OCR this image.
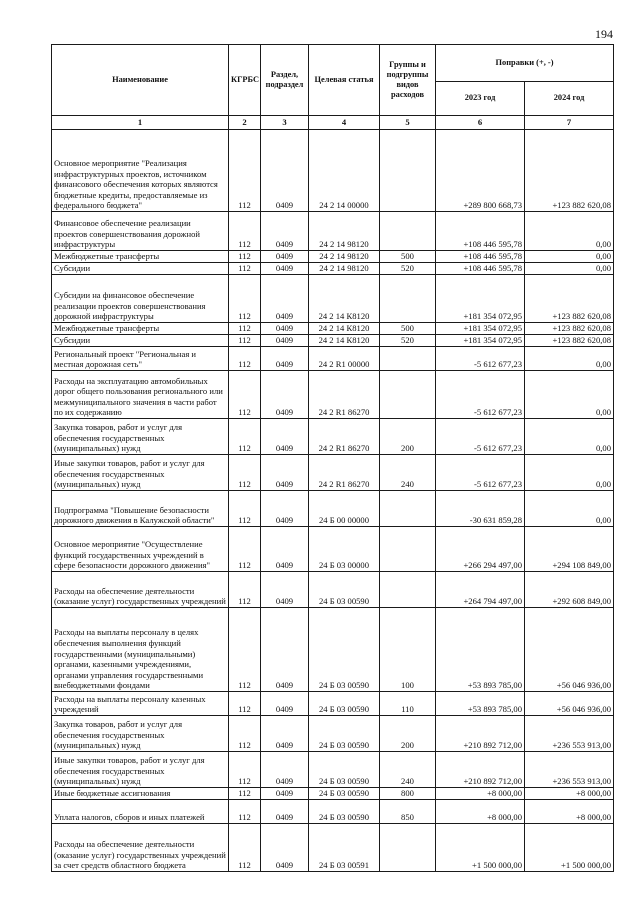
194
Наименование	КГРБС	Раздел, подраздел	Целевая статья	Группы и подгруппы видов расходов	Поправки (+, -)	
					2023 год	2024 год
1	2	3	4	5	6	7
Основное мероприятие "Реализация инфраструктурных проектов, источником финансового обеспечения которых являются бюджетные кредиты, предоставляемые из федерального бюджета"	112	0409	24 2 14 00000		+289 800 668,73	+123 882 620,08
Финансовое обеспечение реализации проектов совершенствования дорожной инфраструктуры	112	0409	24 2 14 98120		+108 446 595,78	0,00
Межбюджетные трансферты	112	0409	24 2 14 98120	500	+108 446 595,78	0,00
Субсидии	112	0409	24 2 14 98120	520	+108 446 595,78	0,00
Субсидии на финансовое обеспечение реализации проектов совершенствования дорожной инфраструктуры	112	0409	24 2 14 К8120		+181 354 072,95	+123 882 620,08
Межбюджетные трансферты	112	0409	24 2 14 К8120	500	+181 354 072,95	+123 882 620,08
Субсидии	112	0409	24 2 14 К8120	520	+181 354 072,95	+123 882 620,08
Региональный проект "Региональная и местная дорожная сеть"	112	0409	24 2 R1 00000		-5 612 677,23	0,00
Расходы на эксплуатацию автомобильных дорог общего пользования регионального или межмуниципального значения в части работ по их содержанию	112	0409	24 2 R1 86270		-5 612 677,23	0,00
Закупка товаров, работ и услуг для обеспечения государственных (муниципальных) нужд	112	0409	24 2 R1 86270	200	-5 612 677,23	0,00
Иные закупки товаров, работ и услуг для обеспечения государственных (муниципальных) нужд	112	0409	24 2 R1 86270	240	-5 612 677,23	0,00
Подпрограмма "Повышение безопасности дорожного движения в Калужской области"	112	0409	24 Б 00 00000		-30 631 859,28	0,00
Основное мероприятие "Осуществление функций государственных учреждений в сфере безопасности дорожного движения"	112	0409	24 Б 03 00000		+266 294 497,00	+294 108 849,00
Расходы на обеспечение деятельности (оказание услуг) государственных учреждений	112	0409	24 Б 03 00590		+264 794 497,00	+292 608 849,00
Расходы на выплаты персоналу в целях обеспечения выполнения функций государственными (муниципальными) органами, казенными учреждениями, органами управления государственными внебюджетными фондами	112	0409	24 Б 03 00590	100	+53 893 785,00	+56 046 936,00
Расходы на выплаты персоналу казенных учреждений	112	0409	24 Б 03 00590	110	+53 893 785,00	+56 046 936,00
Закупка товаров, работ и услуг для обеспечения государственных (муниципальных) нужд	112	0409	24 Б 03 00590	200	+210 892 712,00	+236 553 913,00
Иные закупки товаров, работ и услуг для обеспечения государственных (муниципальных) нужд	112	0409	24 Б 03 00590	240	+210 892 712,00	+236 553 913,00
Иные бюджетные ассигнования	112	0409	24 Б 03 00590	800	+8 000,00	+8 000,00
Уплата налогов, сборов и иных платежей	112	0409	24 Б 03 00590	850	+8 000,00	+8 000,00
Расходы на обеспечение деятельности (оказание услуг) государственных учреждений за счет средств областного бюджета	112	0409	24 Б 03 00591		+1 500 000,00	+1 500 000,00
